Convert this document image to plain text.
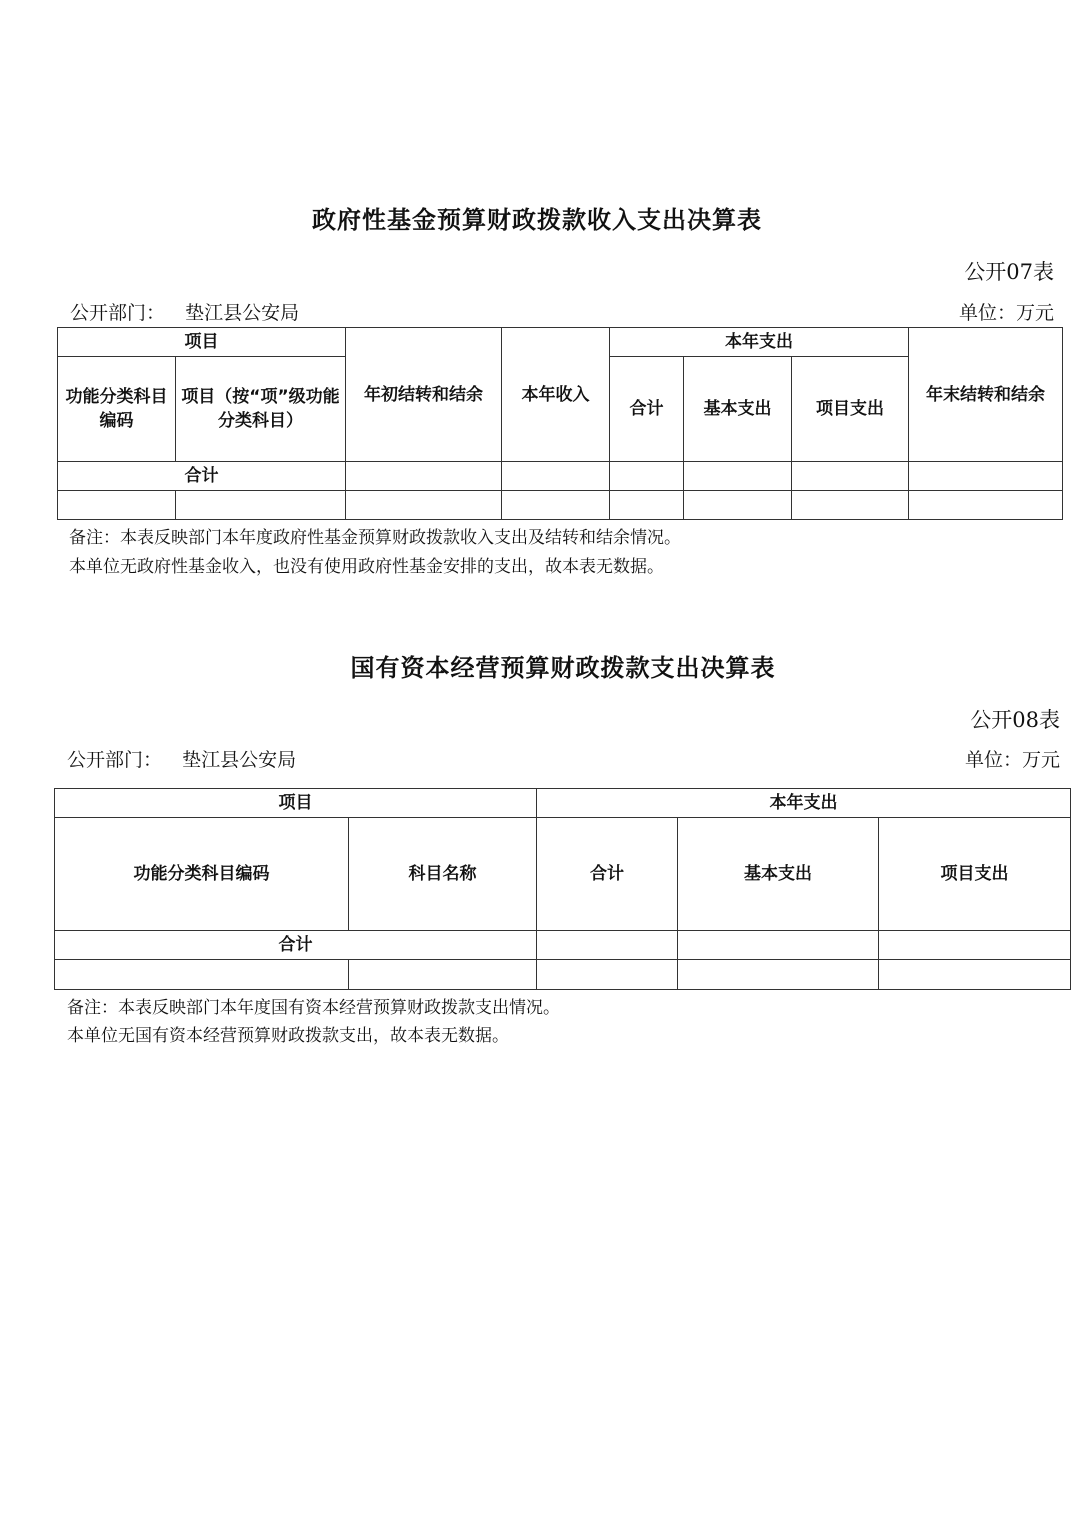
政府性基金预算财政拨款收入支出决算表
公开07表
公开部门： 垫江县公安局	单位：万元
项目		年初结转和结余	本年收入	本年支出			年末结转和结余
功能分类科目编码	项目（按“项”级功能分类科目）			合计	基本支出	项目支出	
合计							

备注：本表反映部门本年度政府性基金预算财政拨款收入支出及结转和结余情况。
本单位无政府性基金收入，也没有使用政府性基金安排的支出，故本表无数据。
国有资本经营预算财政拨款支出决算表
公开08表
公开部门： 垫江县公安局	单位：万元
项目		本年支出		
功能分类科目编码	科目名称	合计	基本支出	项目支出
合计				

备注：本表反映部门本年度国有资本经营预算财政拨款支出情况。
本单位无国有资本经营预算财政拨款支出，故本表无数据。
